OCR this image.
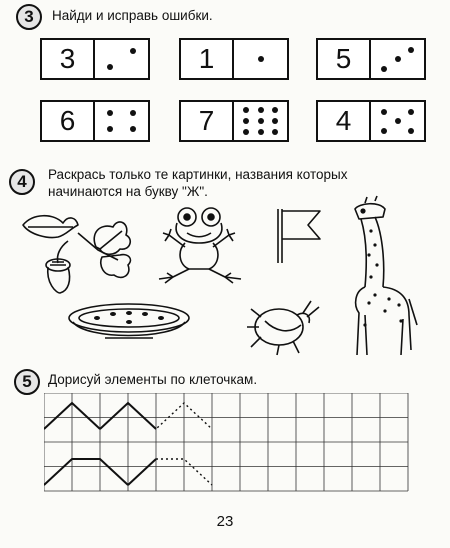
3 Найди и исправь ошибки.
3	1	5
6	7	4
4 Раскрась только те картинки, названия которых
начинаются на букву "Ж".
5 Дорисуй элементы по клеточкам.
23
